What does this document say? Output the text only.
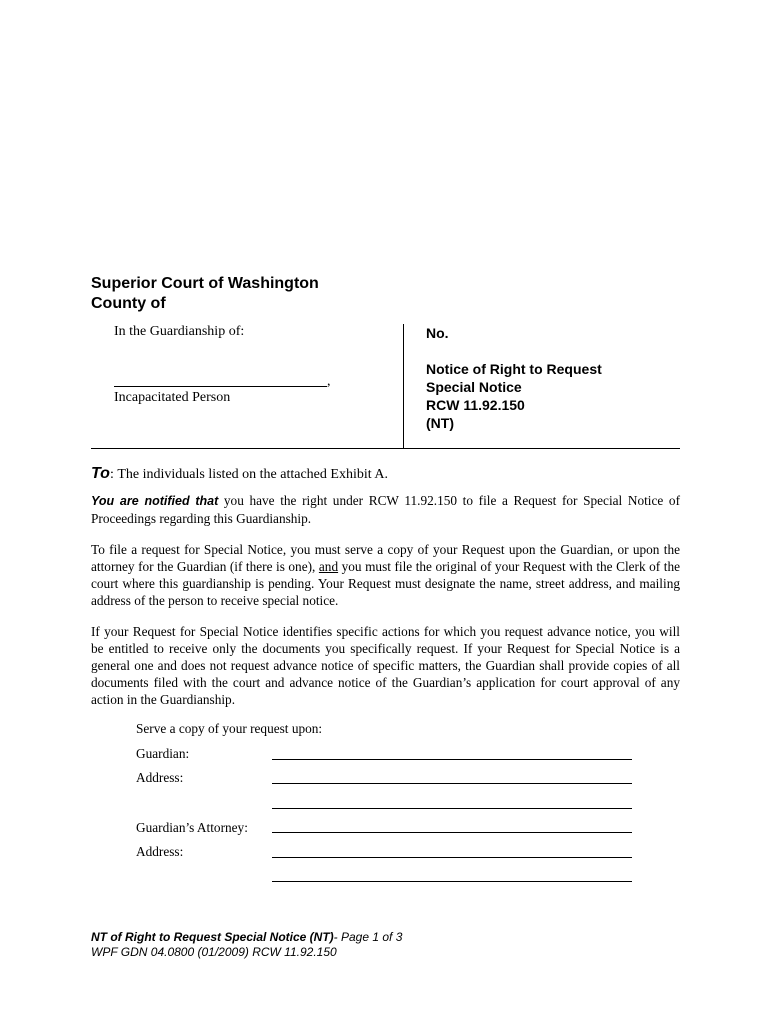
Superior Court of Washington
County of
In the Guardianship of:
,
Incapacitated Person
No.
Notice of Right to Request
Special Notice
RCW 11.92.150
(NT)
To: The individuals listed on the attached Exhibit A.
You are notified that you have the right under RCW 11.92.150 to file a Request for Special Notice of Proceedings regarding this Guardianship.
To file a request for Special Notice, you must serve a copy of your Request upon the Guardian, or upon the attorney for the Guardian (if there is one), and you must file the original of your Request with the Clerk of the court where this guardianship is pending. Your Request must designate the name, street address, and mailing address of the person to receive special notice.
If your Request for Special Notice identifies specific actions for which you request advance notice, you will be entitled to receive only the documents you specifically request. If your Request for Special Notice is a general one and does not request advance notice of specific matters, the Guardian shall provide copies of all documents filed with the court and advance notice of the Guardian’s application for court approval of any action in the Guardianship.
Serve a copy of your request upon:
Guardian:
Address:
Guardian’s Attorney:
Address:
NT of Right to Request Special Notice (NT)- Page 1 of 3
WPF GDN 04.0800 (01/2009) RCW 11.92.150
